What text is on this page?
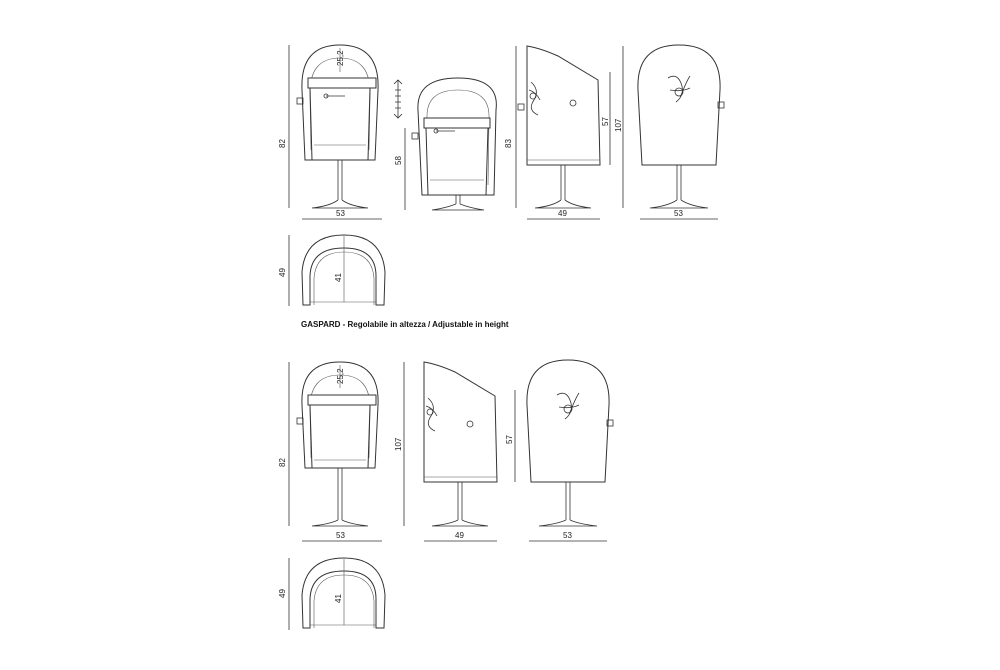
25,2
82
53
58
83
49
57 107
53
41
49
GASPARD - Regolabile in altezza / Adjustable in height
25,2
82
53
107
49
57
53
41
49
